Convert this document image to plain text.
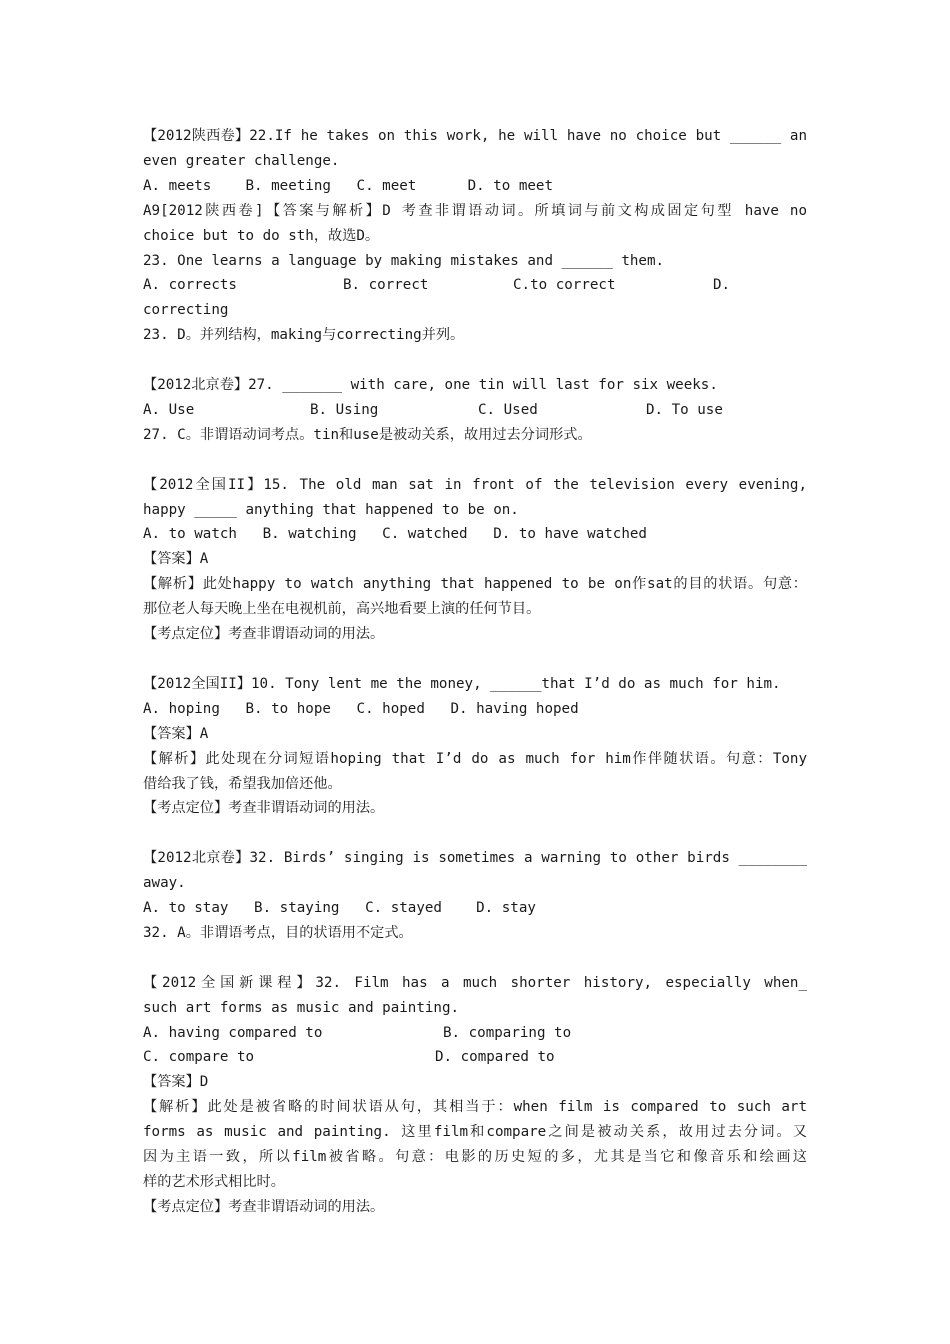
【2012陕西卷】22.If he takes on this work, he will have no choice but ______ an
even greater challenge.
A. meets    B. meeting   C. meet      D. to meet
A9[2012陕西卷]【答案与解析】D 考查非谓语动词。所填词与前文构成固定句型 have no
choice but to do sth，故选D。
23. One learns a language by making mistakes and ______ them.
A. corrects	B. correct	C.to correct	D.
correcting
23. D。并列结构，making与correcting并列。
【2012北京卷】27. _______ with care, one tin will last for six weeks.
A. Use	B. Using	C. Used	D. To use
27. C。非谓语动词考点。tin和use是被动关系，故用过去分词形式。
【2012全国II】15. The old man sat in front of the television every evening,
happy _____ anything that happened to be on.
A. to watch   B. watching   C. watched   D. to have watched
【答案】A
【解析】此处happy to watch anything that happened to be on作sat的目的状语。句意：
那位老人每天晚上坐在电视机前，高兴地看要上演的任何节目。
【考点定位】考查非谓语动词的用法。
【2012全国II】10. Tony lent me the money, ______that I’d do as much for him.
A. hoping   B. to hope   C. hoped   D. having hoped
【答案】A
【解析】此处现在分词短语hoping that I’d do as much for him作伴随状语。句意：Tony
借给我了钱，希望我加倍还他。
【考点定位】考查非谓语动词的用法。
【2012北京卷】32. Birds’ singing is sometimes a warning to other birds ________
away.
A. to stay   B. staying   C. stayed    D. stay
32. A。非谓语考点，目的状语用不定式。
【2012全国新课程】32. Film has a much shorter history, especially when_
such art forms as music and painting.
A. having compared to	B. comparing to
C. compare to	D. compared to
【答案】D
【解析】此处是被省略的时间状语从句，其相当于：when film is compared to such art
forms as music and painting. 这里film和compare之间是被动关系，故用过去分词。又
因为主语一致，所以film被省略。句意：电影的历史短的多，尤其是当它和像音乐和绘画这
样的艺术形式相比时。
【考点定位】考查非谓语动词的用法。
